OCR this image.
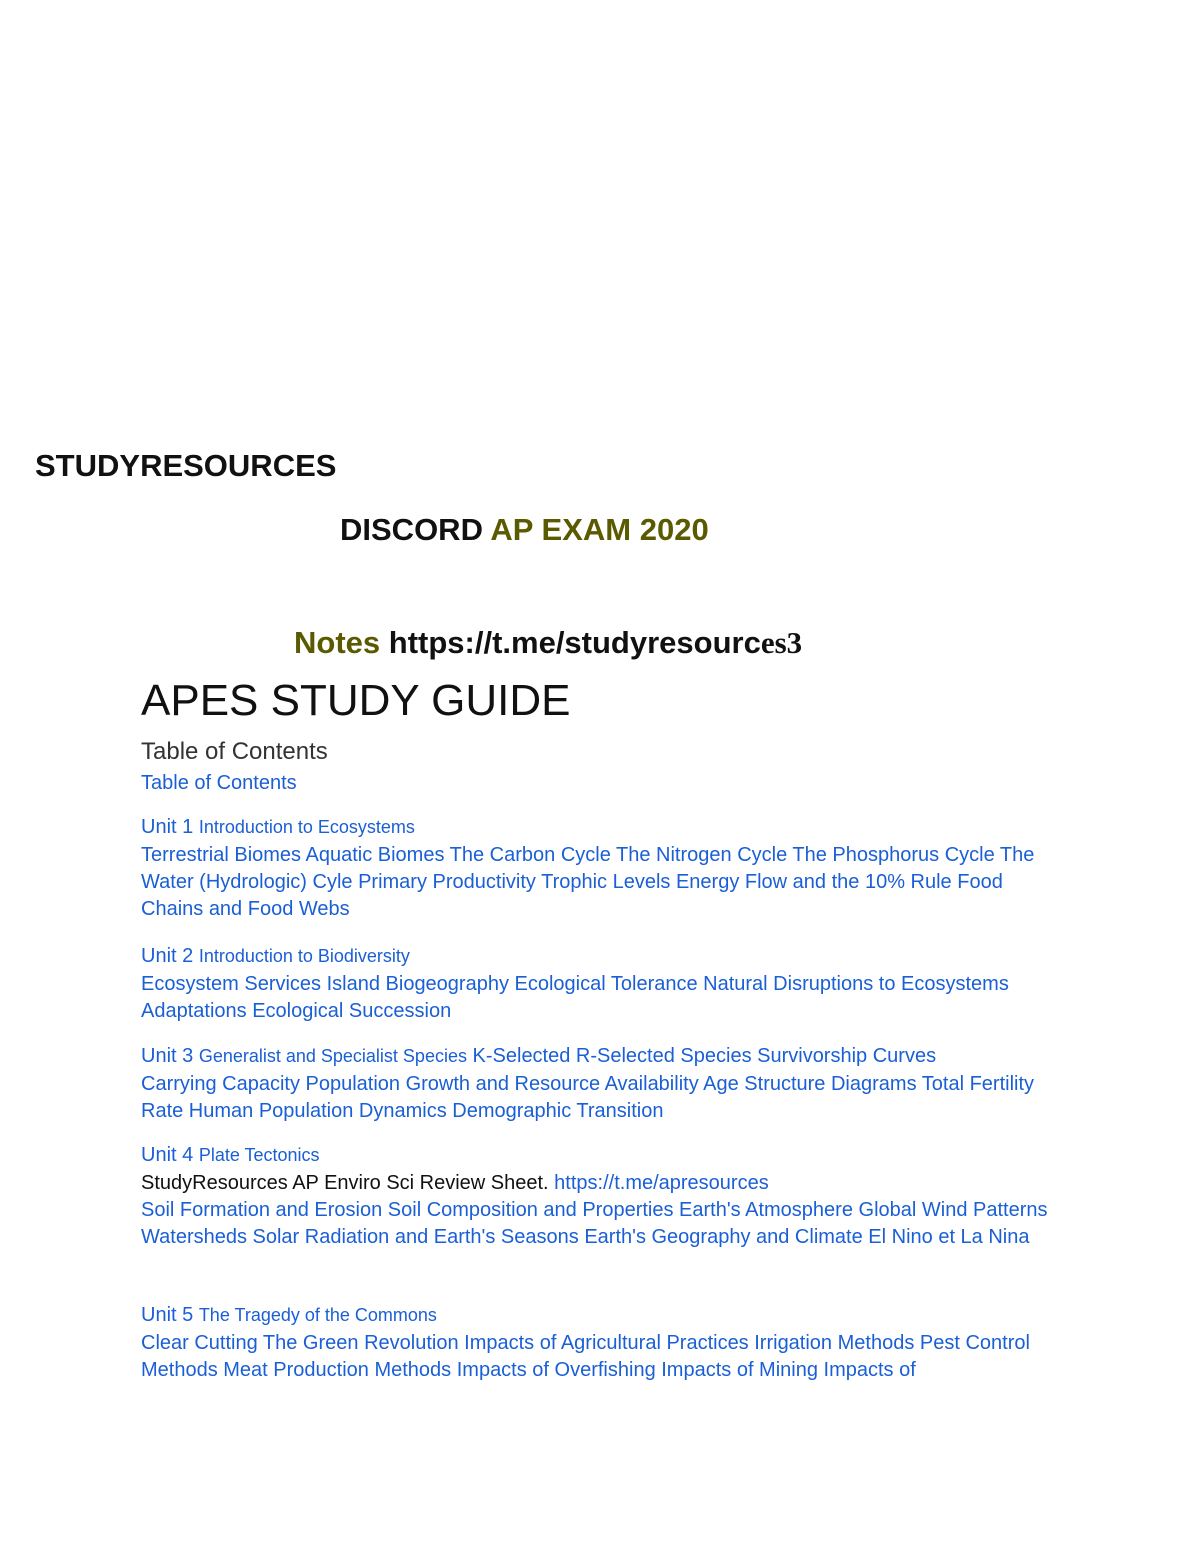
STUDYRESOURCES
DISCORD AP EXAM 2020
Notes https://t.me/studyresources3
APES STUDY GUIDE
Table of Contents
Table of Contents
Unit 1 Introduction to Ecosystems
Terrestrial Biomes Aquatic Biomes The Carbon Cycle The Nitrogen Cycle The Phosphorus Cycle The Water (Hydrologic) Cyle Primary Productivity Trophic Levels Energy Flow and the 10% Rule Food Chains and Food Webs
Unit 2 Introduction to Biodiversity
Ecosystem Services Island Biogeography Ecological Tolerance Natural Disruptions to Ecosystems Adaptations Ecological Succession
Unit 3 Generalist and Specialist Species K-Selected R-Selected Species Survivorship Curves
Carrying Capacity Population Growth and Resource Availability Age Structure Diagrams Total Fertility Rate Human Population Dynamics Demographic Transition
Unit 4 Plate Tectonics
StudyResources AP Enviro Sci Review Sheet. https://t.me/apresources
Soil Formation and Erosion Soil Composition and Properties Earth's Atmosphere Global Wind Patterns Watersheds Solar Radiation and Earth's Seasons Earth's Geography and Climate El Nino et La Nina
Unit 5 The Tragedy of the Commons
Clear Cutting The Green Revolution Impacts of Agricultural Practices Irrigation Methods Pest Control Methods Meat Production Methods Impacts of Overfishing Impacts of Mining Impacts of
